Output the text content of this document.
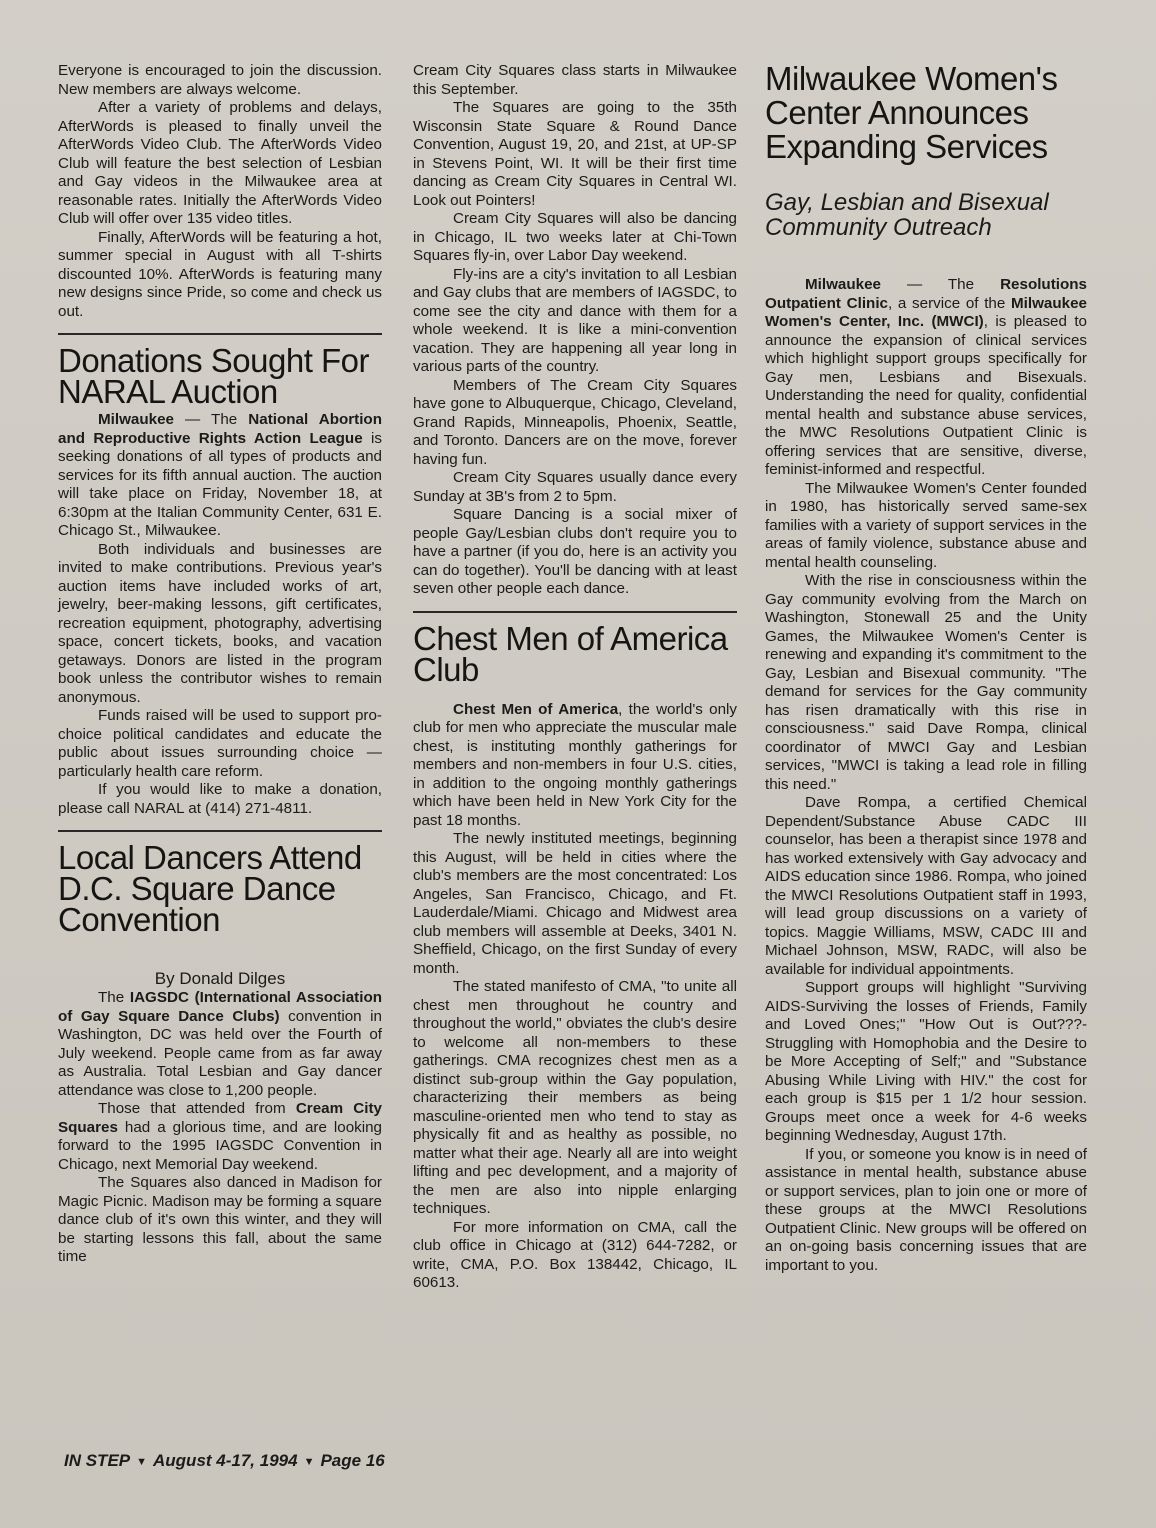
Everyone is encouraged to join the discussion. New members are always welcome.

After a variety of problems and delays, AfterWords is pleased to finally unveil the AfterWords Video Club. The AfterWords Video Club will feature the best selection of Lesbian and Gay videos in the Milwaukee area at reasonable rates. Initially the AfterWords Video Club will offer over 135 video titles.

Finally, AfterWords will be featuring a hot, summer special in August with all T-shirts discounted 10%. AfterWords is featuring many new designs since Pride, so come and check us out.

Donations Sought For NARAL Auction

Milwaukee — The National Abortion and Reproductive Rights Action League is seeking donations of all types of products and services for its fifth annual auction. The auction will take place on Friday, November 18, at 6:30pm at the Italian Community Center, 631 E. Chicago St., Milwaukee.

Both individuals and businesses are invited to make contributions. Previous year's auction items have included works of art, jewelry, beer-making lessons, gift certificates, recreation equipment, photography, advertising space, concert tickets, books, and vacation getaways. Donors are listed in the program book unless the contributor wishes to remain anonymous.

Funds raised will be used to support pro-choice political candidates and educate the public about issues surrounding choice — particularly health care reform.

If you would like to make a donation, please call NARAL at (414) 271-4811.

Local Dancers Attend D.C. Square Dance Convention
By Donald Dilges

The IAGSDC (International Association of Gay Square Dance Clubs) convention in Washington, DC was held over the Fourth of July weekend. People came from as far away as Australia. Total Lesbian and Gay dancer attendance was close to 1,200 people.

Those that attended from Cream City Squares had a glorious time, and are looking forward to the 1995 IAGSDC Convention in Chicago, next Memorial Day weekend.

The Squares also danced in Madison for Magic Picnic. Madison may be forming a square dance club of it's own this winter, and they will be starting lessons this fall, about the same time

Cream City Squares class starts in Milwaukee this September.

The Squares are going to the 35th Wisconsin State Square & Round Dance Convention, August 19, 20, and 21st, at UP-SP in Stevens Point, WI. It will be their first time dancing as Cream City Squares in Central WI. Look out Pointers!

Cream City Squares will also be dancing in Chicago, IL two weeks later at Chi-Town Squares fly-in, over Labor Day weekend.

Fly-ins are a city's invitation to all Lesbian and Gay clubs that are members of IAGSDC, to come see the city and dance with them for a whole weekend. It is like a mini-convention vacation. They are happening all year long in various parts of the country.

Members of The Cream City Squares have gone to Albuquerque, Chicago, Cleveland, Grand Rapids, Minneapolis, Phoenix, Seattle, and Toronto. Dancers are on the move, forever having fun.

Cream City Squares usually dance every Sunday at 3B's from 2 to 5pm.

Square Dancing is a social mixer of people Gay/Lesbian clubs don't require you to have a partner (if you do, here is an activity you can do together). You'll be dancing with at least seven other people each dance.

Chest Men of America Club

Chest Men of America, the world's only club for men who appreciate the muscular male chest, is instituting monthly gatherings for members and non-members in four U.S. cities, in addition to the ongoing monthly gatherings which have been held in New York City for the past 18 months.

The newly instituted meetings, beginning this August, will be held in cities where the club's members are the most concentrated: Los Angeles, San Francisco, Chicago, and Ft. Lauderdale/Miami. Chicago and Midwest area club members will assemble at Deeks, 3401 N. Sheffield, Chicago, on the first Sunday of every month.

The stated manifesto of CMA, "to unite all chest men throughout he country and throughout the world," obviates the club's desire to welcome all non-members to these gatherings. CMA recognizes chest men as a distinct sub-group within the Gay population, characterizing their members as being masculine-oriented men who tend to stay as physically fit and as healthy as possible, no matter what their age. Nearly all are into weight lifting and pec development, and a majority of the men are also into nipple enlarging techniques.

For more information on CMA, call the club office in Chicago at (312) 644-7282, or write, CMA, P.O. Box 138442, Chicago, IL 60613.

Milwaukee Women's Center Announces Expanding Services
Gay, Lesbian and Bisexual Community Outreach

Milwaukee — The Resolutions Outpatient Clinic, a service of the Milwaukee Women's Center, Inc. (MWCI), is pleased to announce the expansion of clinical services which highlight support groups specifically for Gay men, Lesbians and Bisexuals. Understanding the need for quality, confidential mental health and substance abuse services, the MWC Resolutions Outpatient Clinic is offering services that are sensitive, diverse, feminist-informed and respectful.

The Milwaukee Women's Center founded in 1980, has historically served same-sex families with a variety of support services in the areas of family violence, substance abuse and mental health counseling.

With the rise in consciousness within the Gay community evolving from the March on Washington, Stonewall 25 and the Unity Games, the Milwaukee Women's Center is renewing and expanding it's commitment to the Gay, Lesbian and Bisexual community. "The demand for services for the Gay community has risen dramatically with this rise in consciousness." said Dave Rompa, clinical coordinator of MWCI Gay and Lesbian services, "MWCI is taking a lead role in filling this need."

Dave Rompa, a certified Chemical Dependent/Substance Abuse CADC III counselor, has been a therapist since 1978 and has worked extensively with Gay advocacy and AIDS education since 1986. Rompa, who joined the MWCI Resolutions Outpatient staff in 1993, will lead group discussions on a variety of topics. Maggie Williams, MSW, CADC III and Michael Johnson, MSW, RADC, will also be available for individual appointments.

Support groups will highlight "Surviving AIDS-Surviving the losses of Friends, Family and Loved Ones;" "How Out is Out???- Struggling with Homophobia and the Desire to be More Accepting of Self;" and "Substance Abusing While Living with HIV." the cost for each group is $15 per 1 1/2 hour session. Groups meet once a week for 4-6 weeks beginning Wednesday, August 17th.

If you, or someone you know is in need of assistance in mental health, substance abuse or support services, plan to join one or more of these groups at the MWCI Resolutions Outpatient Clinic. New groups will be offered on an on-going basis concerning issues that are important to you.

IN STEP ▼ August 4-17, 1994 ▼ Page 16
